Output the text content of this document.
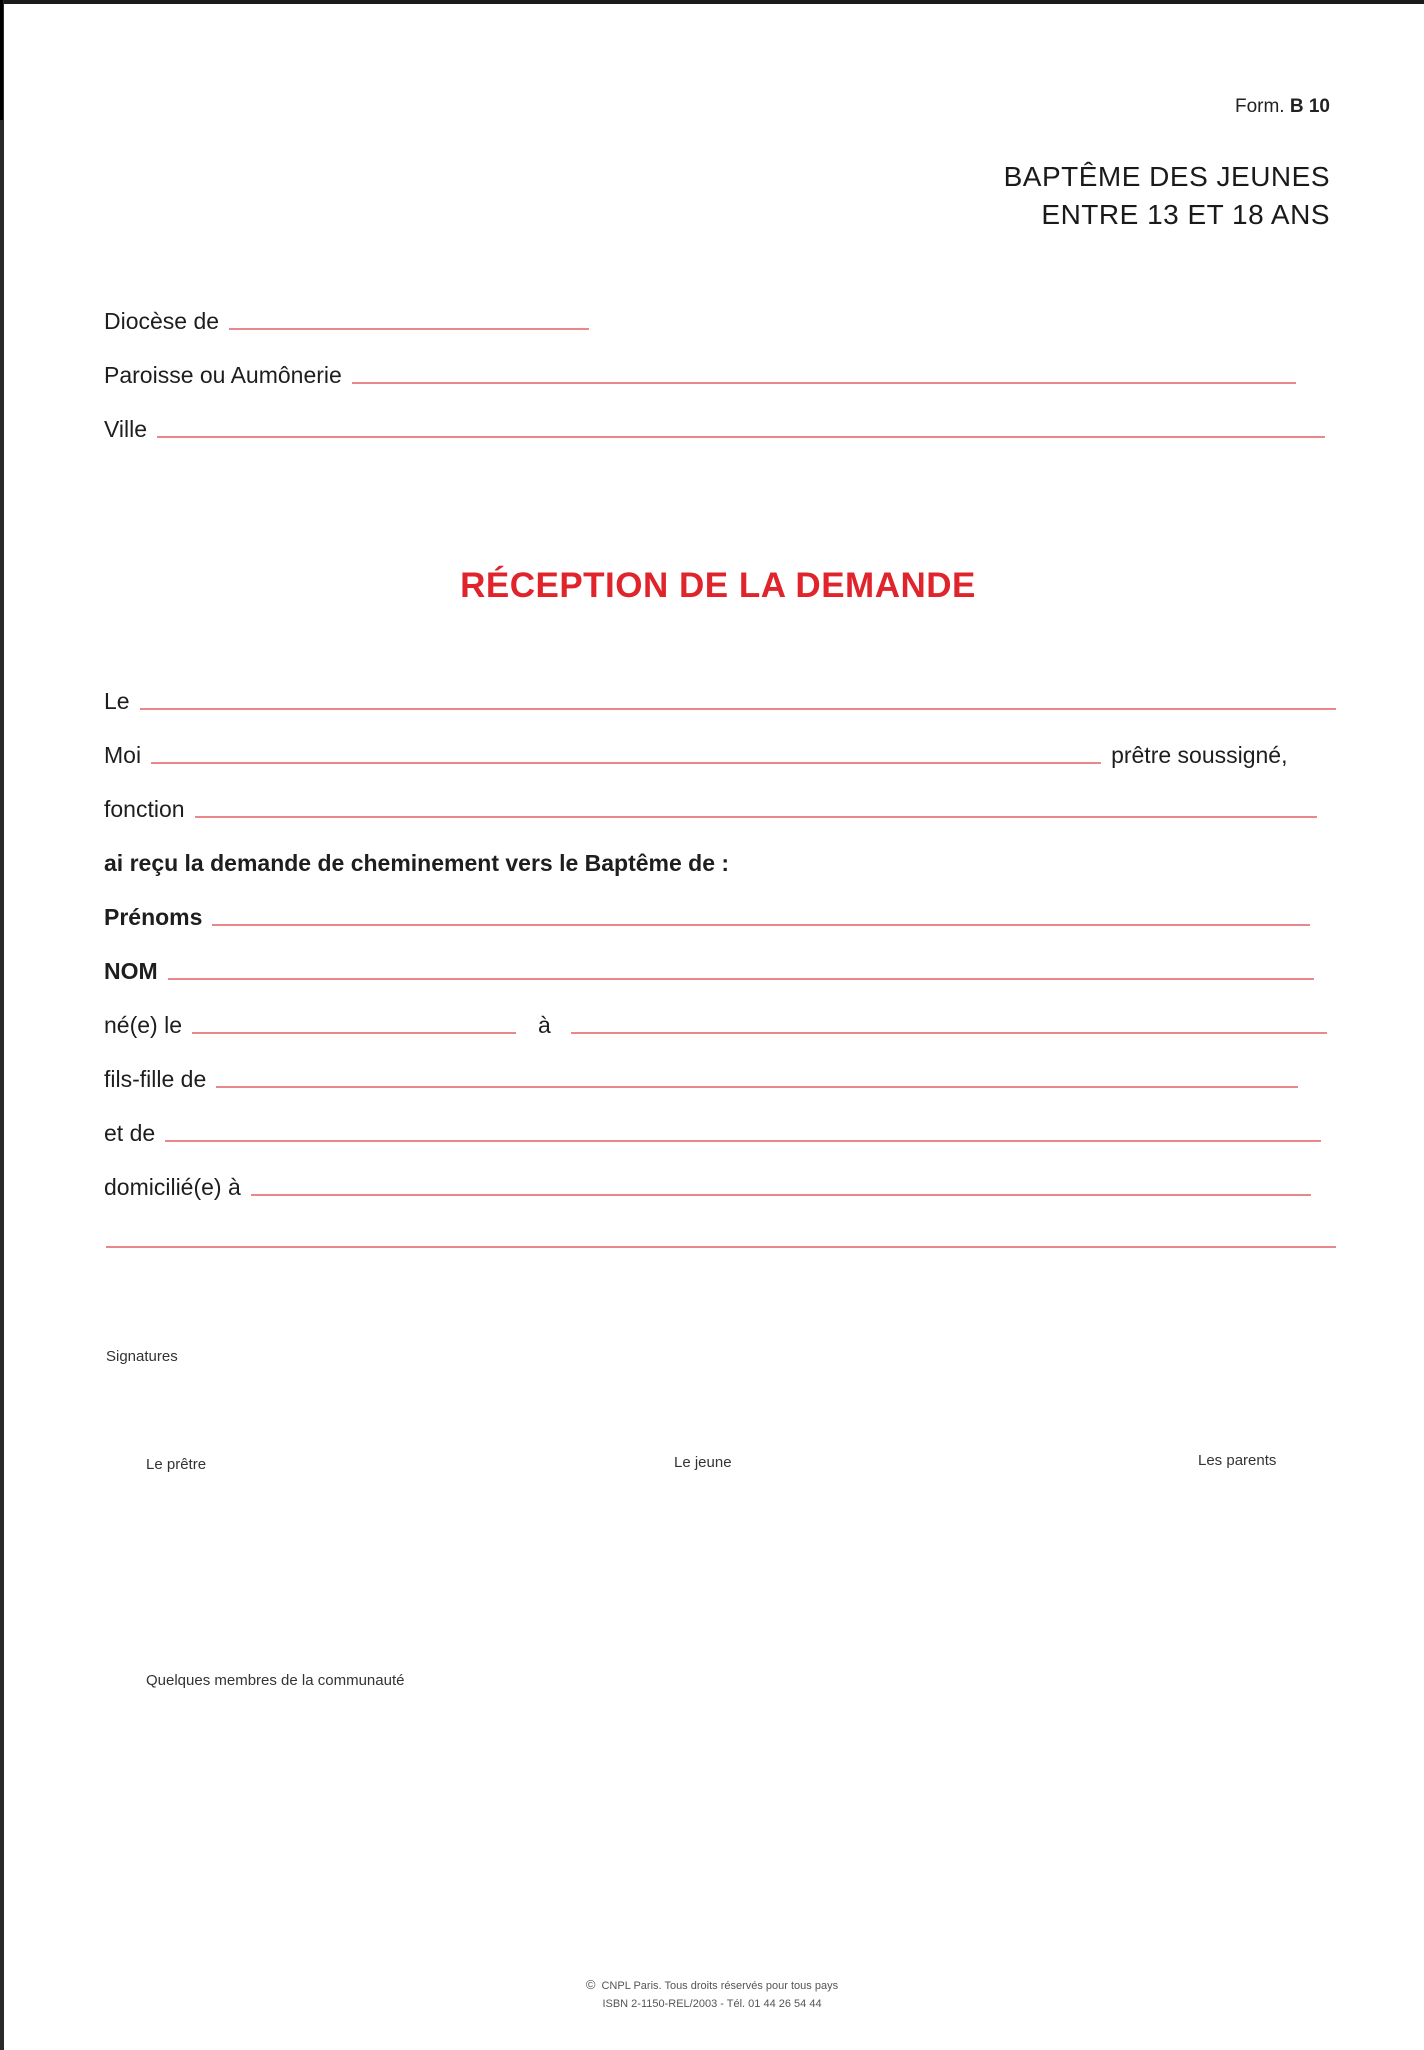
Form. B 10
BAPTÊME DES JEUNES
ENTRE 13 ET 18 ANS
Diocèse de
Paroisse ou Aumônerie
Ville
RÉCEPTION DE LA DEMANDE
Le
Moi	prêtre soussigné,
fonction
ai reçu la demande de cheminement vers le Baptême de :
Prénoms
NOM
né(e) le	à
fils-fille de
et de
domicilié(e) à
Signatures
Le prêtre	Le jeune	Les parents
Quelques membres de la communauté
© CNPL Paris. Tous droits réservés pour tous pays
ISBN 2-1150-REL/2003 - Tél. 01 44 26 54 44
